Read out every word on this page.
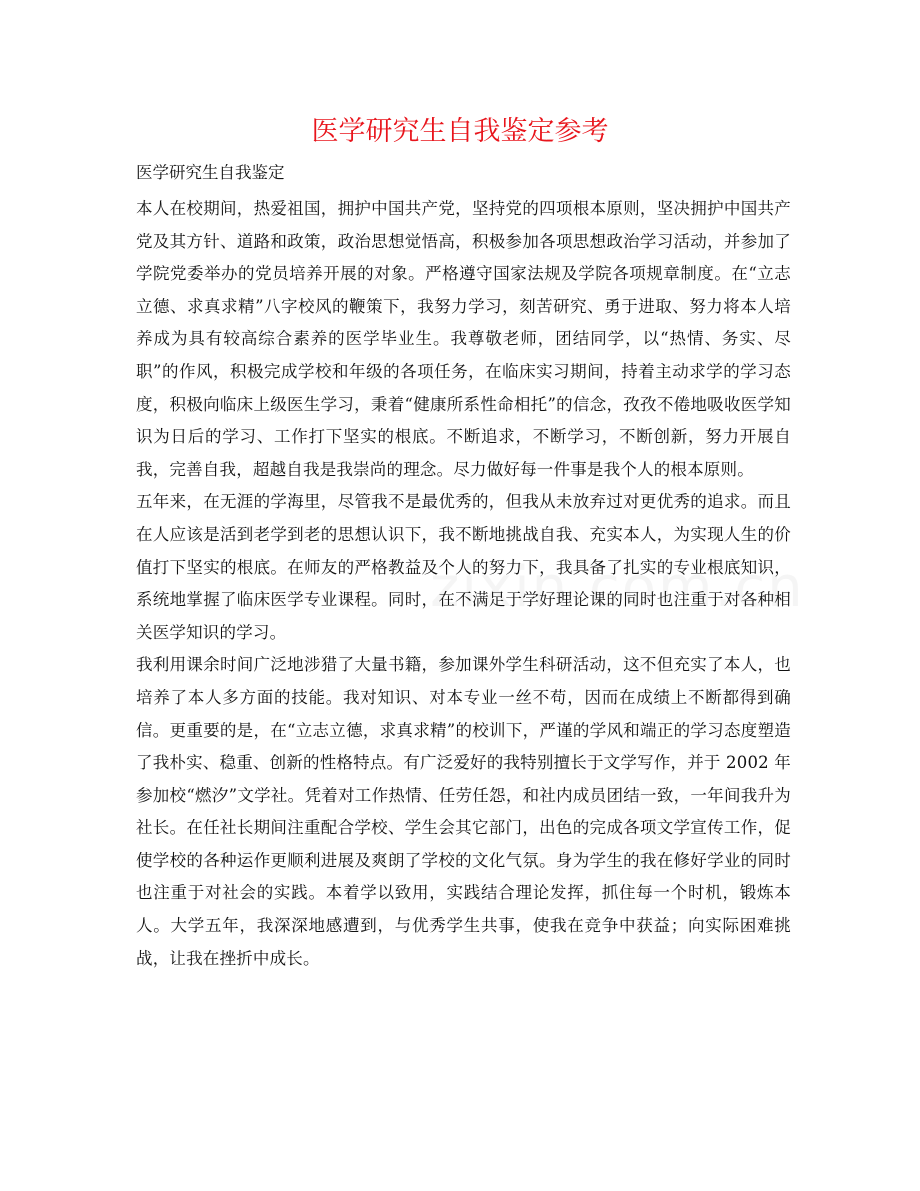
医学研究生自我鉴定参考

医学研究生自我鉴定

本人在校期间，热爱祖国，拥护中国共产党，坚持党的四项根本原则，坚决拥护中国共产党及其方针、道路和政策，政治思想觉悟高，积极参加各项思想政治学习活动，并参加了学院党委举办的党员培养开展的对象。严格遵守国家法规及学院各项规章制度。在“立志立德、求真求精”八字校风的鞭策下，我努力学习，刻苦研究、勇于进取、努力将本人培养成为具有较高综合素养的医学毕业生。我尊敬老师，团结同学，以“热情、务实、尽职”的作风，积极完成学校和年级的各项任务，在临床实习期间，持着主动求学的学习态度，积极向临床上级医生学习，秉着“健康所系性命相托”的信念，孜孜不倦地吸收医学知识为日后的学习、工作打下坚实的根底。不断追求，不断学习，不断创新，努力开展自我，完善自我，超越自我是我崇尚的理念。尽力做好每一件事是我个人的根本原则。

五年来，在无涯的学海里，尽管我不是最优秀的，但我从未放弃过对更优秀的追求。而且在人应该是活到老学到老的思想认识下，我不断地挑战自我、充实本人，为实现人生的价值打下坚实的根底。在师友的严格教益及个人的努力下，我具备了扎实的专业根底知识，系统地掌握了临床医学专业课程。同时，在不满足于学好理论课的同时也注重于对各种相关医学知识的学习。

我利用课余时间广泛地涉猎了大量书籍，参加课外学生科研活动，这不但充实了本人，也培养了本人多方面的技能。我对知识、对本专业一丝不苟，因而在成绩上不断都得到确信。更重要的是，在“立志立德，求真求精”的校训下，严谨的学风和端正的学习态度塑造了我朴实、稳重、创新的性格特点。有广泛爱好的我特别擅长于文学写作，并于 2002 年参加校“燃汐”文学社。凭着对工作热情、任劳任怨，和社内成员团结一致，一年间我升为社长。在任社长期间注重配合学校、学生会其它部门，出色的完成各项文学宣传工作，促使学校的各种运作更顺利进展及爽朗了学校的文化气氛。身为学生的我在修好学业的同时也注重于对社会的实践。本着学以致用，实践结合理论发挥，抓住每一个时机，锻炼本人。大学五年，我深深地感遭到，与优秀学生共事，使我在竞争中获益；向实际困难挑战，让我在挫折中成长。
